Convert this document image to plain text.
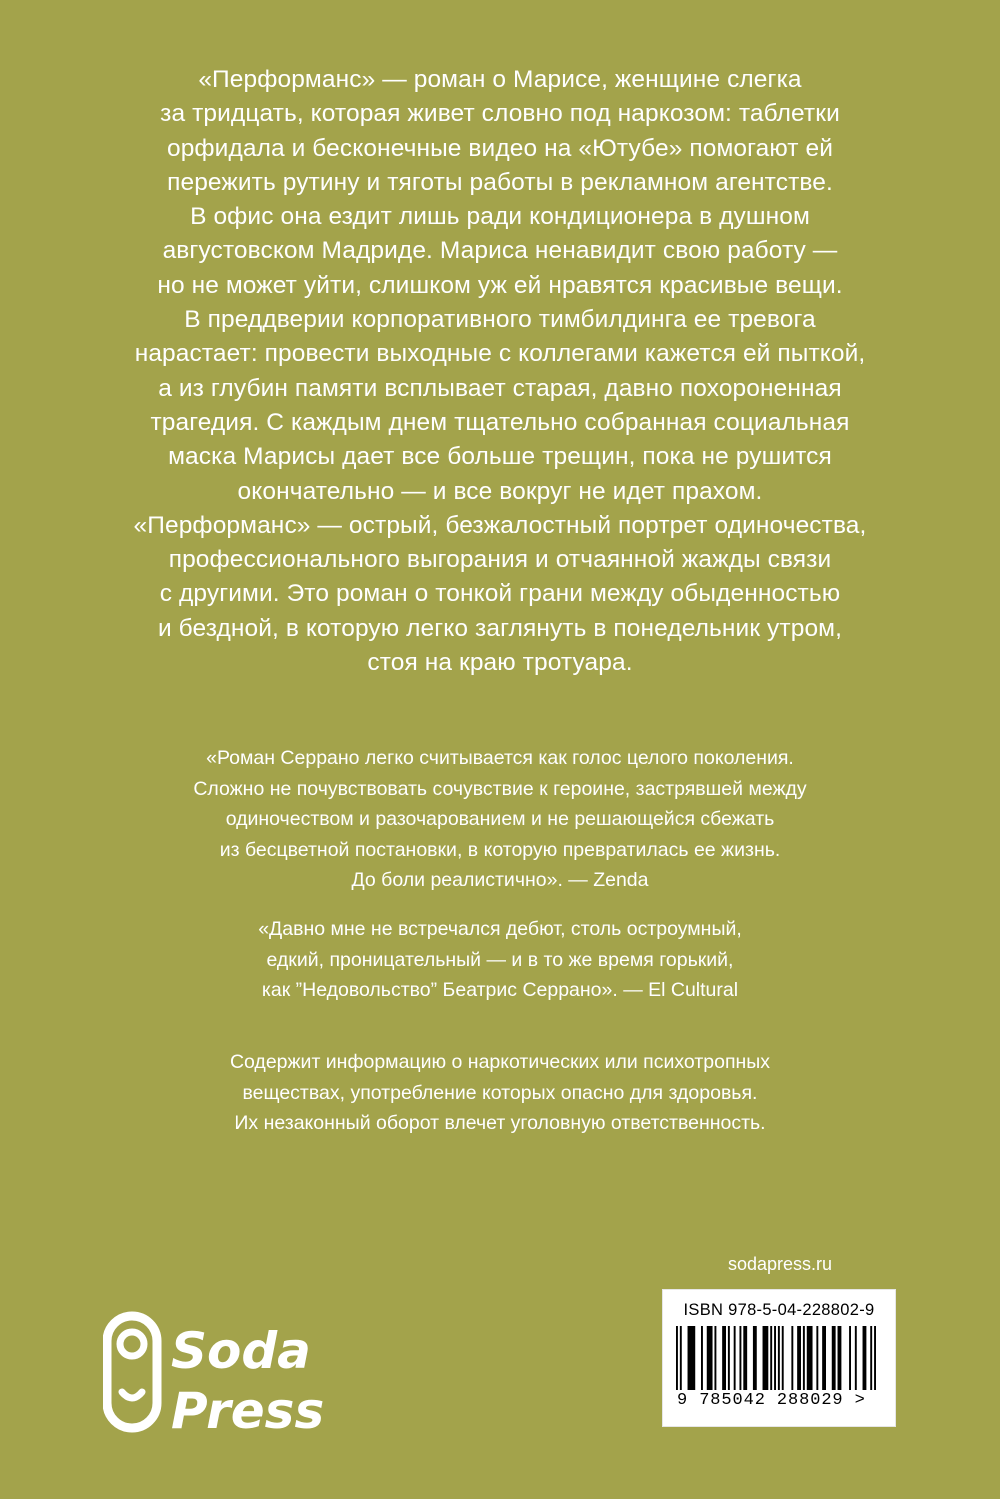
«Перформанс» — роман о Марисе, женщине слегка
за тридцать, которая живет словно под наркозом: таблетки
орфидала и бесконечные видео на «Ютубе» помогают ей
пережить рутину и тяготы работы в рекламном агентстве.
В офис она ездит лишь ради кондиционера в душном
августовском Мадриде. Мариса ненавидит свою работу —
но не может уйти, слишком уж ей нравятся красивые вещи.
В преддверии корпоративного тимбилдинга ее тревога
нарастает: провести выходные с коллегами кажется ей пыткой,
а из глубин памяти всплывает старая, давно похороненная
трагедия. С каждым днем тщательно собранная социальная
маска Марисы дает все больше трещин, пока не рушится
окончательно — и все вокруг не идет прахом.
«Перформанс» — острый, безжалостный портрет одиночества,
профессионального выгорания и отчаянной жажды связи
с другими. Это роман о тонкой грани между обыденностью
и бездной, в которую легко заглянуть в понедельник утром,
стоя на краю тротуара.
«Роман Серрано легко считывается как голос целого поколения.
Сложно не почувствовать сочувствие к героине, застрявшей между
одиночеством и разочарованием и не решающейся сбежать
из бесцветной постановки, в которую превратилась ее жизнь.
До боли реалистично». — Zenda
«Давно мне не встречался дебют, столь остроумный,
едкий, проницательный — и в то же время горький,
как ”Недовольство” Беатрис Серрано». — El Cultural
Содержит информацию о наркотических или психотропных
веществах, употребление которых опасно для здоровья.
Их незаконный оборот влечет уголовную ответственность.
sodapress.ru
ISBN 978-5-04-228802-9
9 785042 288029 >
Soda
Press
